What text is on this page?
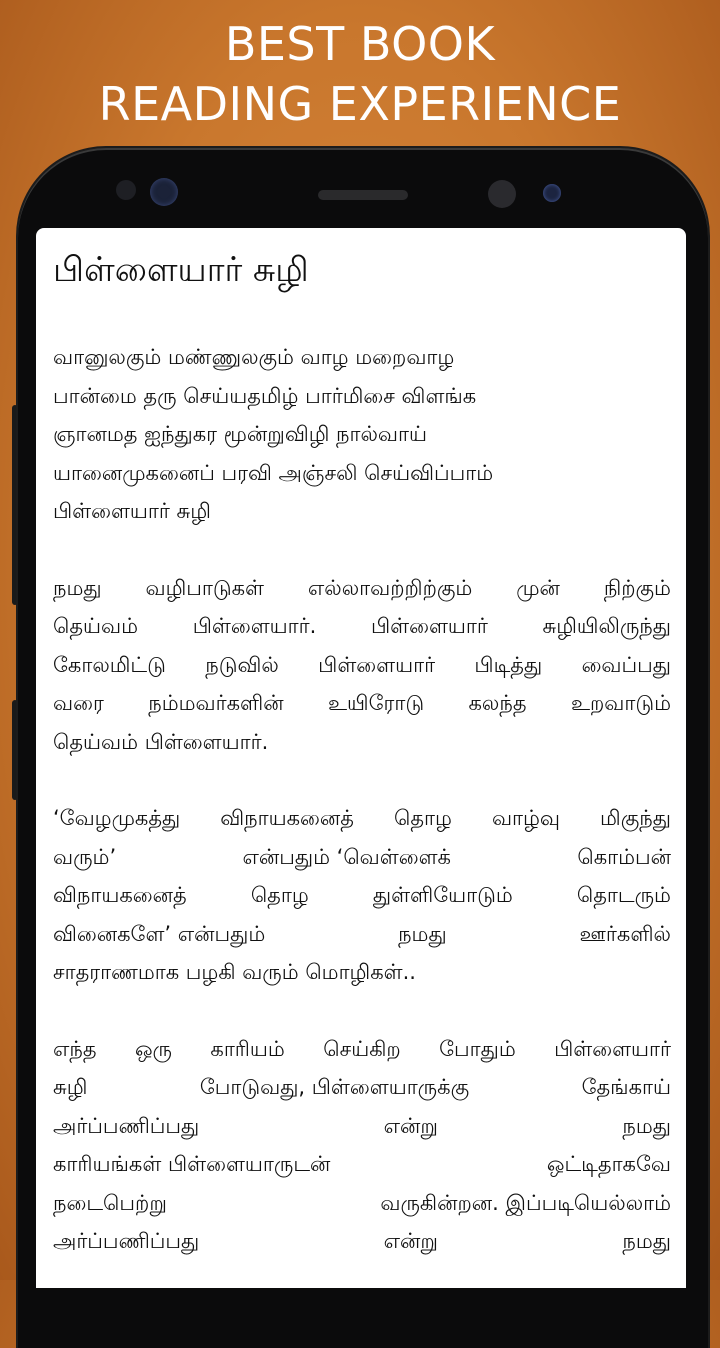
BEST BOOK
READING EXPERIENCE
பிள்ளையார் சுழி
வானுலகும் மண்ணுலகும் வாழ மறைவாழ
பான்மை தரு செய்யதமிழ் பார்மிசை விளங்க
ஞானமத ஐந்துகர மூன்றுவிழி நால்வாய்
யானைமுகனைப் பரவி அஞ்சலி செய்விப்பாம்
பிள்ளையார் சுழி
நமது வழிபாடுகள் எல்லாவற்றிற்கும் முன் நிற்கும்
தெய்வம்	பிள்ளையார்.	பிள்ளையார்	சுழியிலிருந்து
கோலமிட்டு நடுவில் பிள்ளையார் பிடித்து வைப்பது
வரை நம்மவர்களின் உயிரோடு கலந்த உறவாடும்
தெய்வம் பிள்ளையார்.
‘வேழமுகத்து விநாயகனைத் தொழ வாழ்வு மிகுந்து
வரும்’	என்பதும் ‘வெள்ளைக்	கொம்பன்
விநாயகனைத்	தொழ	துள்ளியோடும்	தொடரும்
வினைகளே’ என்பதும்	நமது	ஊர்களில்
சாதராணமாக பழகி வரும் மொழிகள்..
எந்த ஒரு காரியம் செய்கிற போதும் பிள்ளையார்
சுழி	போடுவது, பிள்ளையாருக்கு	தேங்காய்
அர்ப்பணிப்பது	என்று	நமது
காரியங்கள் பிள்ளையாருடன்	ஒட்டிதாகவே
நடைபெற்று	வருகின்றன. இப்படியெல்லாம்
அர்ப்பணிப்பது	என்று	நமது
